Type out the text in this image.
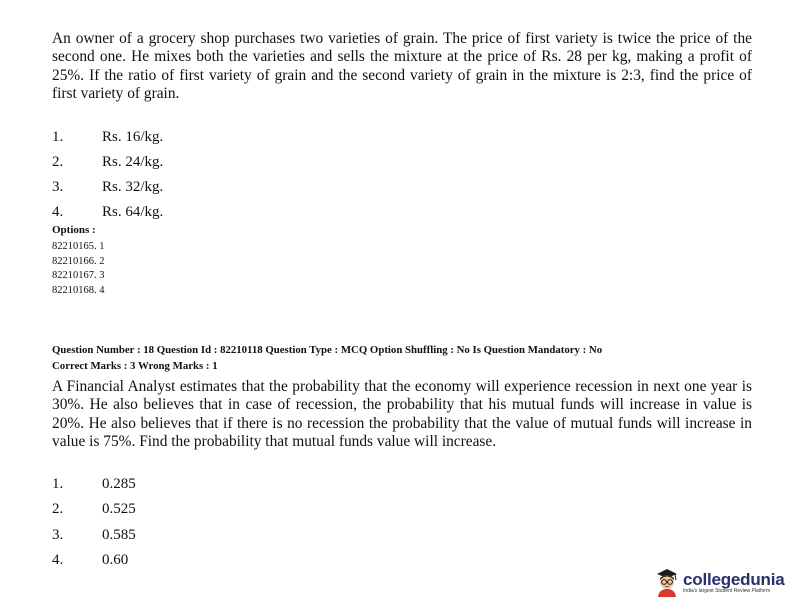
An owner of a grocery shop purchases two varieties of grain. The price of first variety is twice the price of the second one. He mixes both the varieties and sells the mixture at the price of Rs. 28 per kg, making a profit of 25%. If the ratio of first variety of grain and the second variety of grain in the mixture is 2:3, find the price of first variety of grain.

1.	Rs. 16/kg.
2.	Rs. 24/kg.
3.	Rs. 32/kg.
4.	Rs. 64/kg.
Options :
82210165. 1
82210166. 2
82210167. 3
82210168. 4
Question Number : 18 Question Id : 82210118 Question Type : MCQ Option Shuffling : No Is Question Mandatory : No
Correct Marks : 3 Wrong Marks : 1

A Financial Analyst estimates that the probability that the economy will experience recession in next one year is 30%. He also believes that in case of recession, the probability that his mutual funds will increase in value is 20%. He also believes that if there is no recession the probability that the value of mutual funds will increase in value is 75%. Find the probability that mutual funds value will increase.

1.	0.285
2.	0.525
3.	0.585
4.	0.60
collegedunia
India's largest Student Review Platform
